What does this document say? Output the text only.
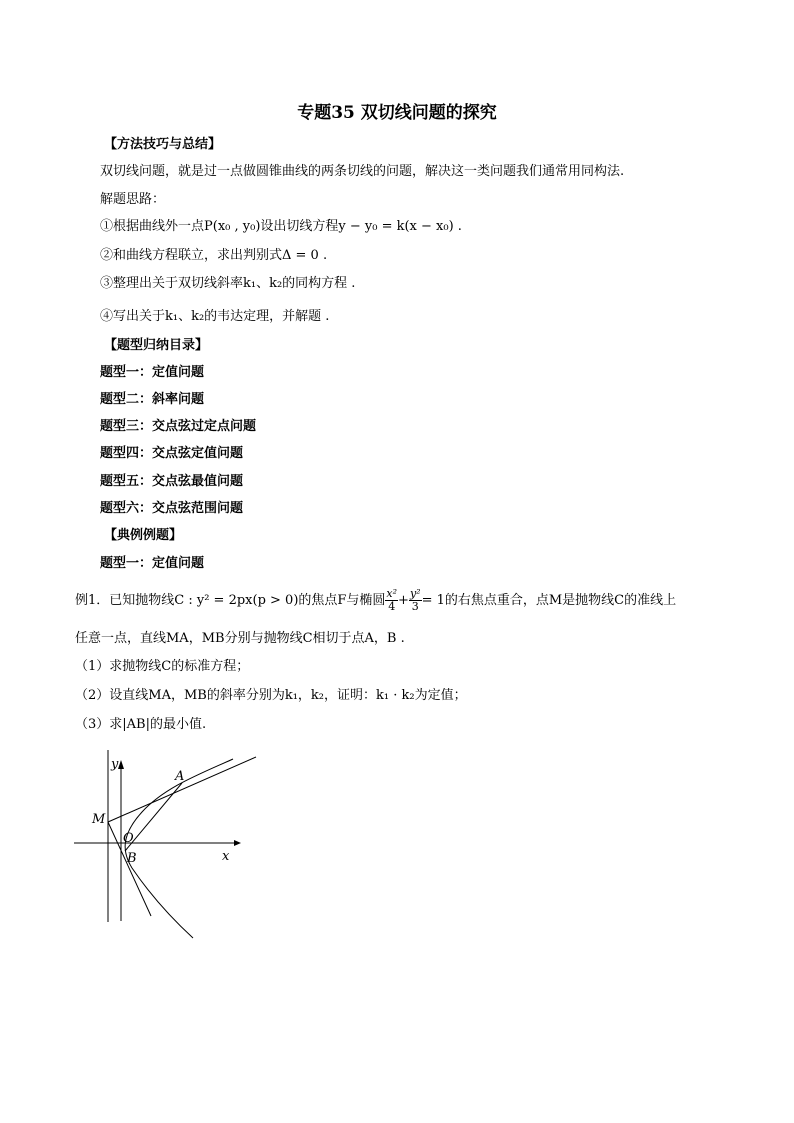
专题35 双切线问题的探究
【方法技巧与总结】
双切线问题，就是过一点做圆锥曲线的两条切线的问题，解决这一类问题我们通常用同构法.
解题思路：
①根据曲线外一点P(x₀ , y₀)设出切线方程y − y₀ = k(x − x₀) .
②和曲线方程联立，求出判别式Δ = 0 .
③整理出关于双切线斜率k₁、k₂的同构方程 .
④写出关于k₁、k₂的韦达定理，并解题 .
【题型归纳目录】
题型一：定值问题
题型二：斜率问题
题型三：交点弦过定点问题
题型四：交点弦定值问题
题型五：交点弦最值问题
题型六：交点弦范围问题
【典例例题】
题型一：定值问题
例1．已知抛物线C : y² = 2px(p > 0)的焦点F与椭圆 $\frac{\text{x²}}{4} + \frac{\text{y²}}{3} = 1$的右焦点重合，点M是抛物线C的准线上
任意一点，直线MA，MB分别与抛物线C相切于点A，B .
（1）求抛物线C的标准方程；
（2）设直线MA，MB的斜率分别为k₁，k₂，证明：k₁ · k₂为定值；
（3）求|AB|的最小值.
y
x
A
M
O
B
